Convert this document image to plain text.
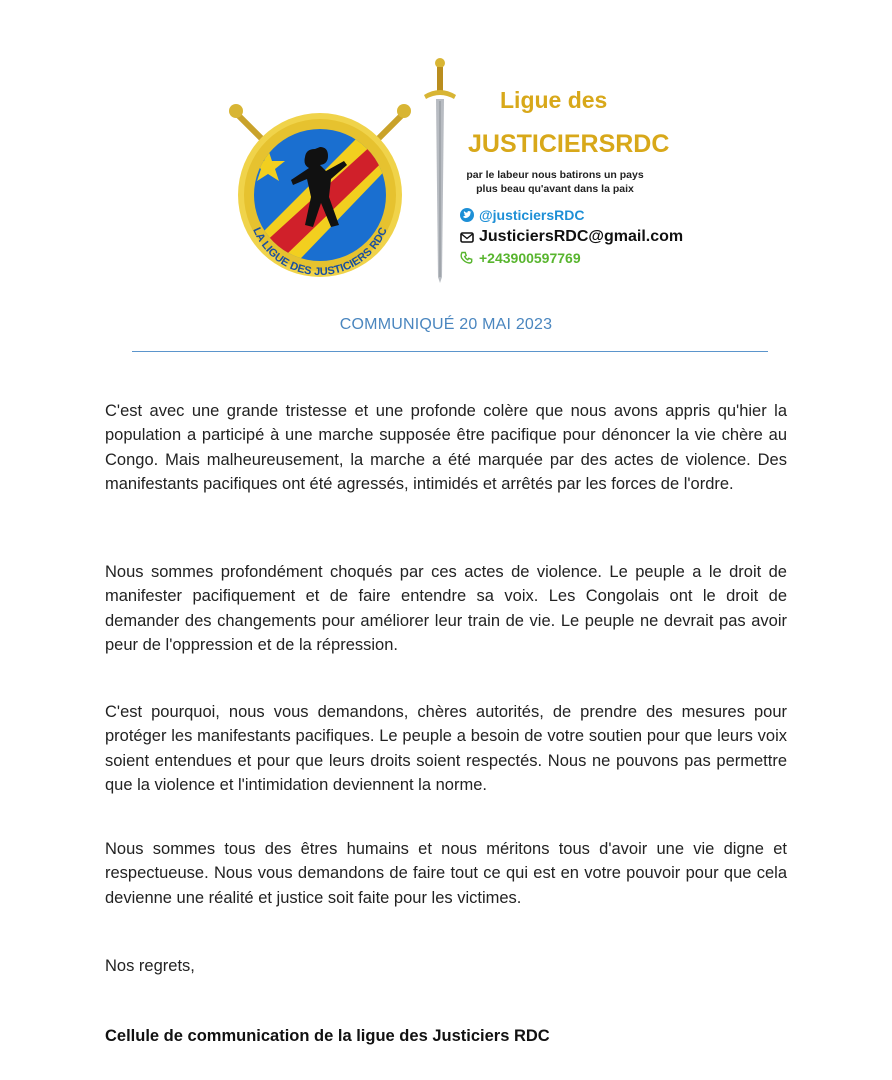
LA LIGUE DES JUSTICIERS RDC
Ligue des
JUSTICIERSRDC
par le labeur nous batirons un pays plus beau qu'avant dans la paix
@justiciersRDC
JusticiersRDC@gmail.com
+243900597769
COMMUNIQUÉ 20 MAI 2023

C'est avec une grande tristesse et une profonde colère que nous avons appris qu'hier la population a participé à une marche supposée être pacifique pour dénoncer la vie chère au Congo. Mais malheureusement, la marche a été marquée par des actes de violence. Des manifestants pacifiques ont été agressés, intimidés et arrêtés par les forces de l'ordre.

Nous sommes profondément choqués par ces actes de violence. Le peuple a le droit de manifester pacifiquement et de faire entendre sa voix. Les Congolais ont le droit de demander des changements pour améliorer leur train de vie. Le peuple ne devrait pas avoir peur de l'oppression et de la répression.

C'est pourquoi, nous vous demandons, chères autorités, de prendre des mesures pour protéger les manifestants pacifiques. Le peuple a besoin de votre soutien pour que leurs voix soient entendues et pour que leurs droits soient respectés. Nous ne pouvons pas permettre que la violence et l'intimidation deviennent la norme.

Nous sommes tous des êtres humains et nous méritons tous d'avoir une vie digne et respectueuse. Nous vous demandons de faire tout ce qui est en votre pouvoir pour que cela devienne une réalité et justice soit faite pour les victimes.

Nos regrets,

Cellule de communication de la ligue des Justiciers RDC
